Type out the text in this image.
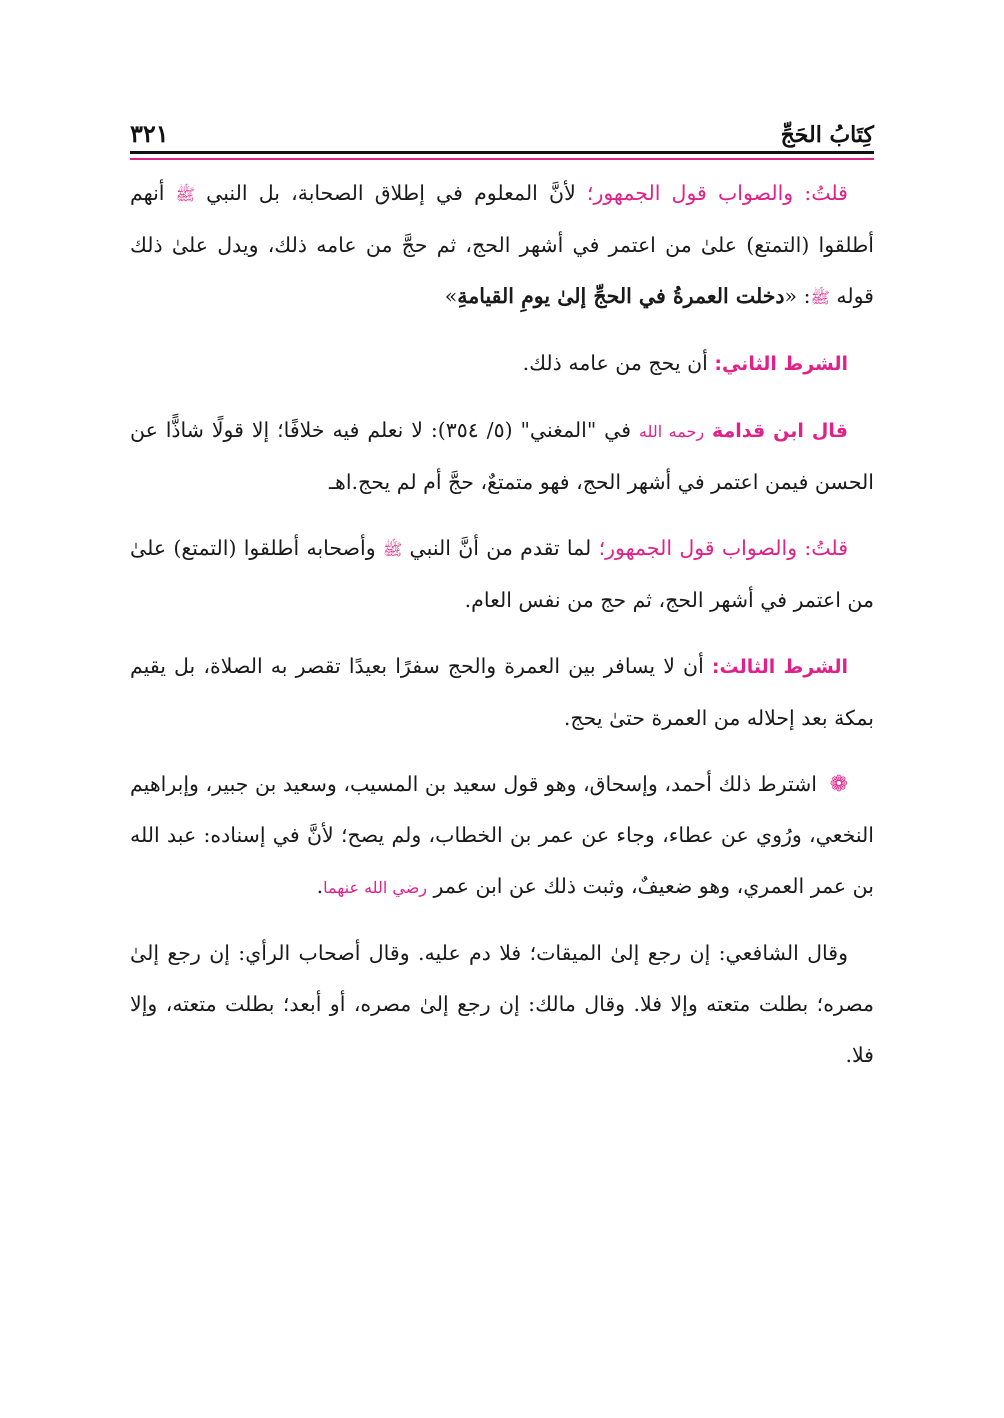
كِتَابُ الحَجِّ
٣٢١

قلتُ: والصواب قول الجمهور؛ لأنَّ المعلوم في إطلاق الصحابة، بل النبي ﷺ أنهم أطلقوا (التمتع) علىٰ من اعتمر في أشهر الحج، ثم حجَّ من عامه ذلك، ويدل علىٰ ذلك قوله ﷺ: «دخلت العمرةُ في الحجِّ إلىٰ يومِ القيامةِ»

الشرط الثاني: أن يحج من عامه ذلك.

قال ابن قدامة رحمه الله في "المغني" (٥/ ٣٥٤): لا نعلم فيه خلافًا؛ إلا قولًا شاذًّا عن الحسن فيمن اعتمر في أشهر الحج، فهو متمتعٌ، حجَّ أم لم يحج.اهـ

قلتُ: والصواب قول الجمهور؛ لما تقدم من أنَّ النبي ﷺ وأصحابه أطلقوا (التمتع) علىٰ من اعتمر في أشهر الحج، ثم حج من نفس العام.

الشرط الثالث: أن لا يسافر بين العمرة والحج سفرًا بعيدًا تقصر به الصلاة، بل يقيم بمكة بعد إحلاله من العمرة حتىٰ يحج.

❁ اشترط ذلك أحمد، وإسحاق، وهو قول سعيد بن المسيب، وسعيد بن جبير، وإبراهيم النخعي، ورُوي عن عطاء، وجاء عن عمر بن الخطاب، ولم يصح؛ لأنَّ في إسناده: عبد الله بن عمر العمري، وهو ضعيفٌ، وثبت ذلك عن ابن عمر رضي الله عنهما.

وقال الشافعي: إن رجع إلىٰ الميقات؛ فلا دم عليه. وقال أصحاب الرأي: إن رجع إلىٰ مصره؛ بطلت متعته وإلا فلا. وقال مالك: إن رجع إلىٰ مصره، أو أبعد؛ بطلت متعته، وإلا فلا.
